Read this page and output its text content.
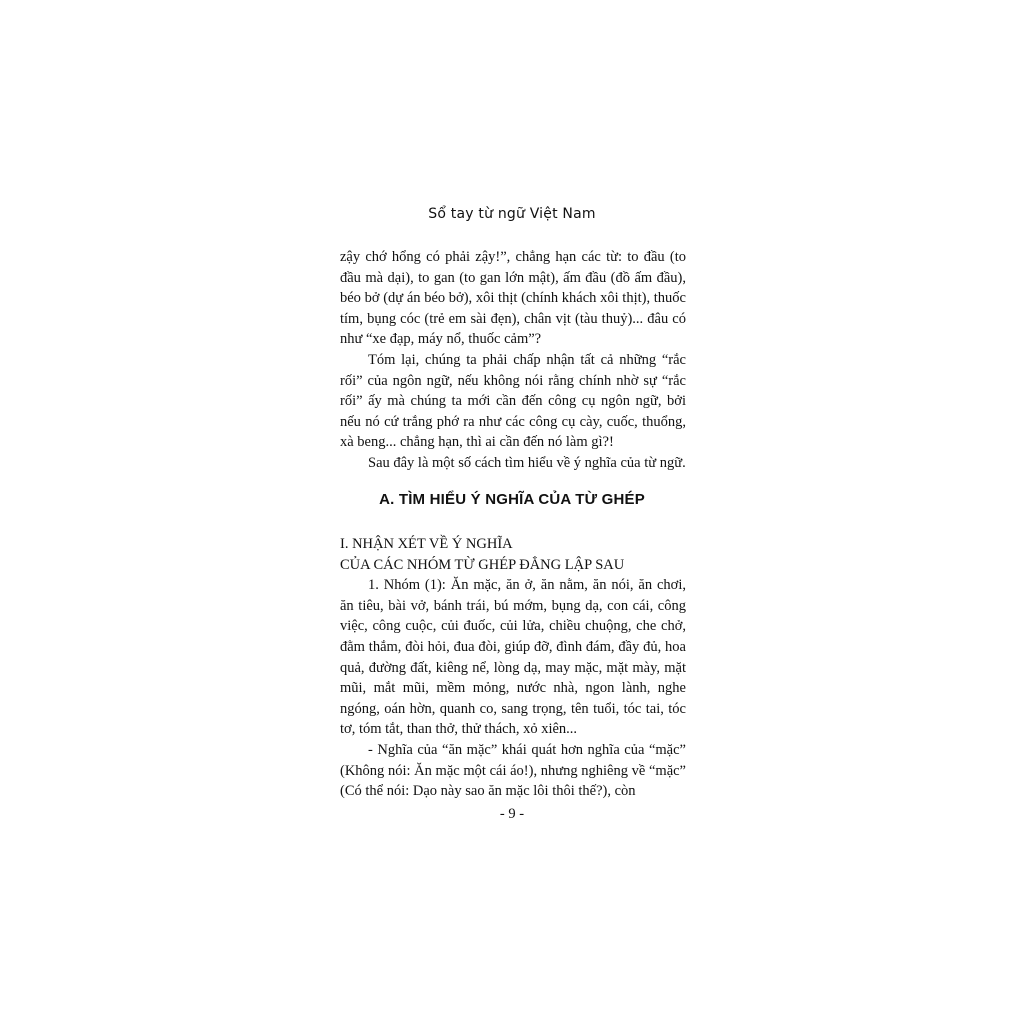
Sổ tay từ ngữ Việt Nam

zậy chớ hổng có phải zậy!”, chẳng hạn các từ: to đầu (to đầu mà dại), to gan (to gan lớn mật), ấm đầu (đồ ấm đầu), béo bở (dự án béo bở), xôi thịt (chính khách xôi thịt), thuốc tím, bụng cóc (trẻ em sài đẹn), chân vịt (tàu thuỷ)... đâu có như “xe đạp, máy nổ, thuốc cảm”?

Tóm lại, chúng ta phải chấp nhận tất cả những “rắc rối” của ngôn ngữ, nếu không nói rằng chính nhờ sự “rắc rối” ấy mà chúng ta mới cần đến công cụ ngôn ngữ, bởi nếu nó cứ trắng phớ ra như các công cụ cày, cuốc, thuổng, xà beng... chẳng hạn, thì ai cần đến nó làm gì?!

Sau đây là một số cách tìm hiểu về ý nghĩa của từ ngữ.

A. TÌM HIỂU Ý NGHĨA CỦA TỪ GHÉP

I. NHẬN XÉT VỀ Ý NGHĨA

CỦA CÁC NHÓM TỪ GHÉP ĐẲNG LẬP SAU

1. Nhóm (1): Ăn mặc, ăn ở, ăn nằm, ăn nói, ăn chơi, ăn tiêu, bài vở, bánh trái, bú mớm, bụng dạ, con cái, công việc, công cuộc, củi đuốc, củi lửa, chiều chuộng, che chở, đằm thắm, đòi hỏi, đua đòi, giúp đỡ, đình đám, đầy đủ, hoa quả, đường đất, kiêng nể, lòng dạ, may mặc, mặt mày, mặt mũi, mắt mũi, mềm mỏng, nước nhà, ngon lành, nghe ngóng, oán hờn, quanh co, sang trọng, tên tuổi, tóc tai, tóc tơ, tóm tắt, than thở, thử thách, xỏ xiên...

- Nghĩa của “ăn mặc” khái quát hơn nghĩa của “mặc” (Không nói: Ăn mặc một cái áo!), nhưng nghiêng về “mặc” (Có thể nói: Dạo này sao ăn mặc lôi thôi thế?), còn

- 9 -
